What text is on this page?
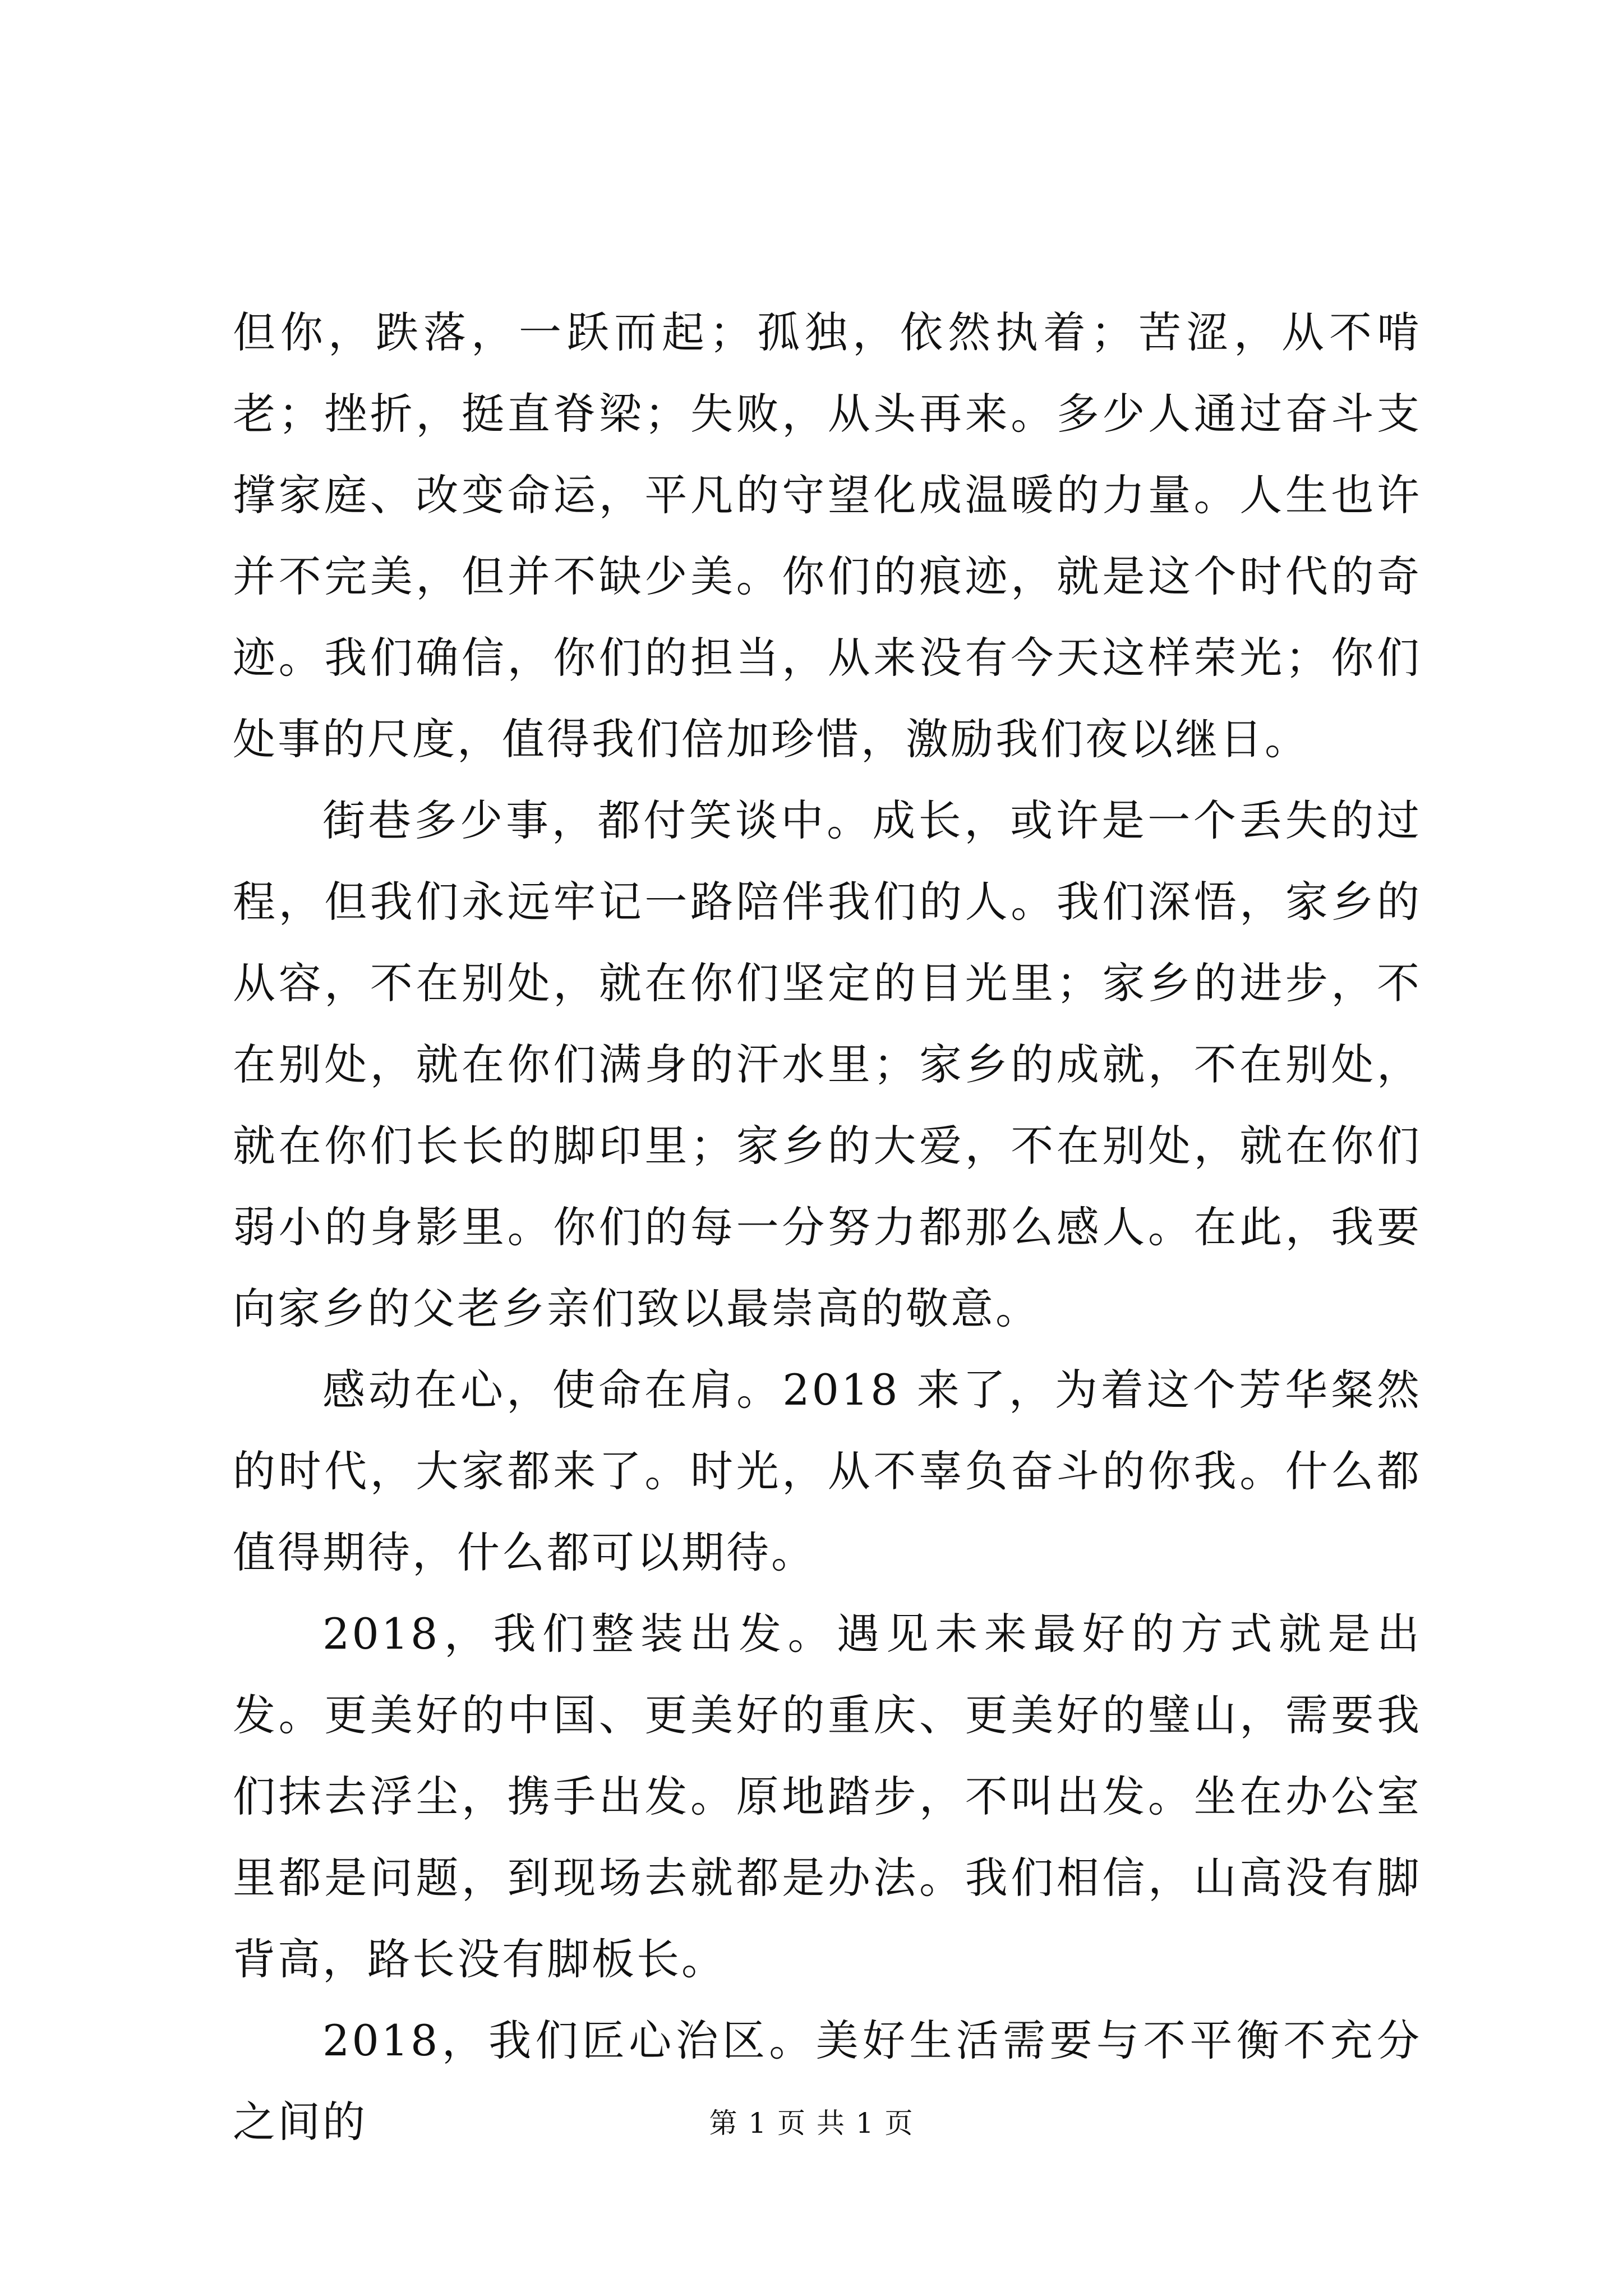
但你，跌落，一跃而起；孤独，依然执着；苦涩，从不啃老；挫折，挺直脊梁；失败，从头再来。多少人通过奋斗支撑家庭、改变命运，平凡的守望化成温暖的力量。人生也许并不完美，但并不缺少美。你们的痕迹，就是这个时代的奇迹。我们确信，你们的担当，从来没有今天这样荣光；你们处事的尺度，值得我们倍加珍惜，激励我们夜以继日。

街巷多少事，都付笑谈中。成长，或许是一个丢失的过程，但我们永远牢记一路陪伴我们的人。我们深悟，家乡的从容，不在别处，就在你们坚定的目光里；家乡的进步，不在别处，就在你们满身的汗水里；家乡的成就，不在别处，就在你们长长的脚印里；家乡的大爱，不在别处，就在你们弱小的身影里。你们的每一分努力都那么感人。在此，我要向家乡的父老乡亲们致以最崇高的敬意。

感动在心，使命在肩。2018 来了，为着这个芳华粲然的时代，大家都来了。时光，从不辜负奋斗的你我。什么都值得期待，什么都可以期待。

2018，我们整装出发。遇见未来最好的方式就是出发。更美好的中国、更美好的重庆、更美好的璧山，需要我们抹去浮尘，携手出发。原地踏步，不叫出发。坐在办公室里都是问题，到现场去就都是办法。我们相信，山高没有脚背高，路长没有脚板长。

2018，我们匠心治区。美好生活需要与不平衡不充分之间的	第 1 页 共 1 页
